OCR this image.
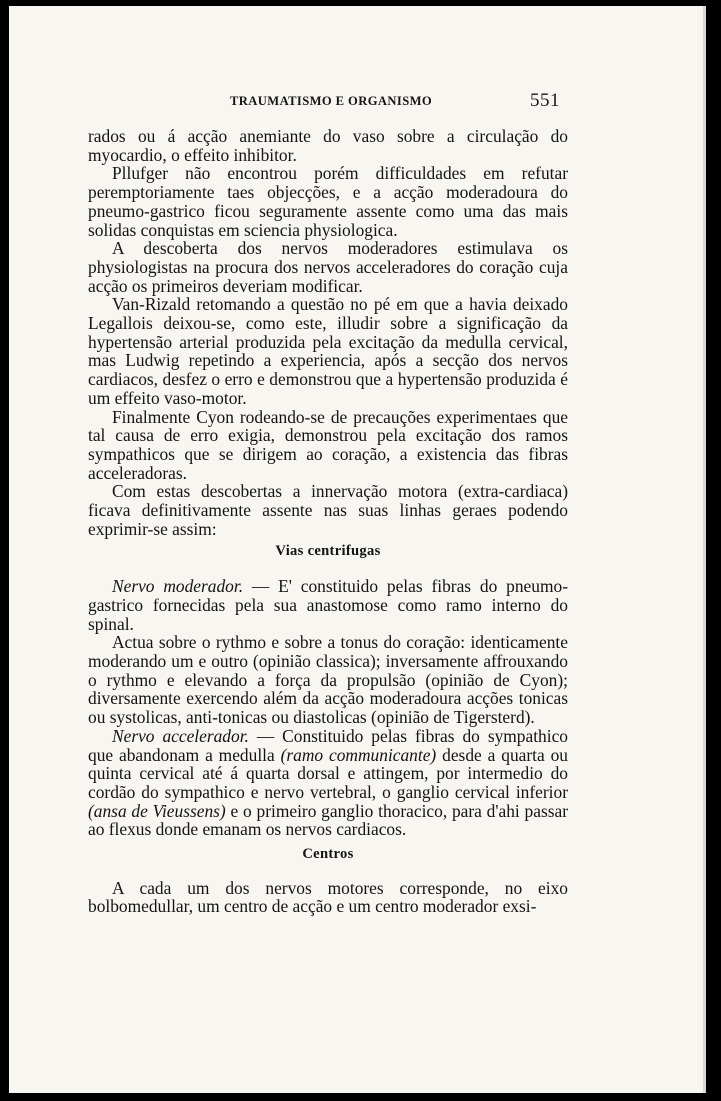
TRAUMATISMO E ORGANISMO	551

rados ou á acção anemiante do vaso sobre a circulação do myocardio, o effeito inhibitor.

Pllufger não encontrou porém difficuldades em refutar peremptoriamente taes objecções, e a acção moderadoura do pneumo-gastrico ficou seguramente assente como uma das mais solidas conquistas em sciencia physiologica.

A descoberta dos nervos moderadores estimulava os physiologistas na procura dos nervos acceleradores do coração cuja acção os primeiros deveriam modificar.

Van-Rizald retomando a questão no pé em que a havia deixado Legallois deixou-se, como este, illudir sobre a significação da hypertensão arterial produzida pela excitação da medulla cervical, mas Ludwig repetindo a experiencia, após a secção dos nervos cardiacos, desfez o erro e demonstrou que a hypertensão produzida é um effeito vaso-motor.

Finalmente Cyon rodeando-se de precauções experimentaes que tal causa de erro exigia, demonstrou pela excitação dos ramos sympathicos que se dirigem ao coração, a existencia das fibras acceleradoras.

Com estas descobertas a innervação motora (extra-cardiaca) ficava definitivamente assente nas suas linhas geraes podendo exprimir-se assim:

Vias centrifugas

Nervo moderador. — E' constituido pelas fibras do pneumo-gastrico fornecidas pela sua anastomose como ramo interno do spinal.

Actua sobre o rythmo e sobre a tonus do coração: identicamente moderando um e outro (opinião classica); inversamente affrouxando o rythmo e elevando a força da propulsão (opinião de Cyon); diversamente exercendo além da acção moderadoura acções tonicas ou systolicas, anti-tonicas ou diastolicas (opinião de Tigersterd).

Nervo accelerador. — Constituido pelas fibras do sympathico que abandonam a medulla (ramo communicante) desde a quarta ou quinta cervical até á quarta dorsal e attingem, por intermedio do cordão do sympathico e nervo vertebral, o ganglio cervical inferior (ansa de Vieussens) e o primeiro ganglio thoracico, para d'ahi passar ao flexus donde emanam os nervos cardiacos.

Centros

A cada um dos nervos motores corresponde, no eixo bolbomedullar, um centro de acção e um centro moderador exsi-
